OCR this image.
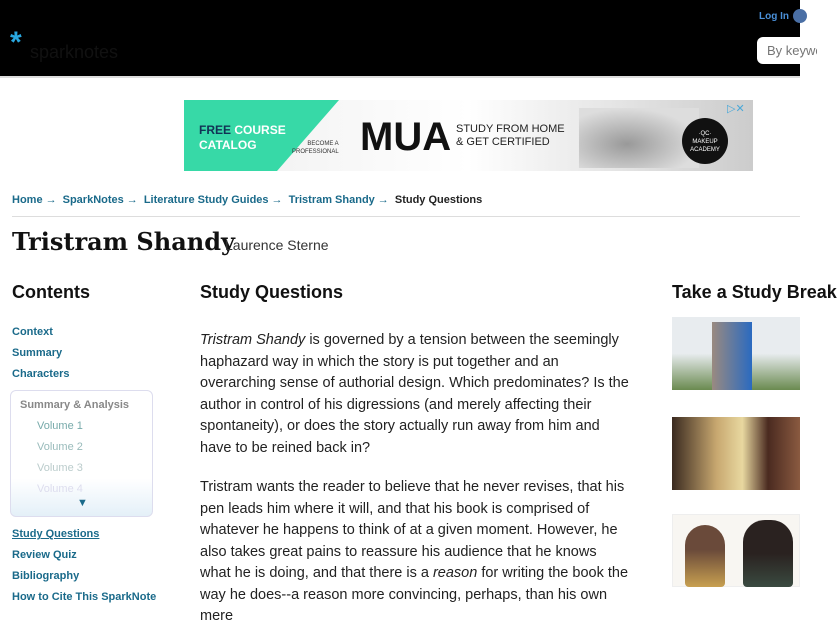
* sparknotes
Log In
By keyword
FREE COURSE
CATALOG	BECOME A
PROFESSIONAL MUA STUDY FROM HOME
& GET CERTIFIED
·QC·
MAKEUP
ACADEMY
▷✕
Home → SparkNotes → Literature Study Guides → Tristram Shandy → Study Questions
Tristram Shandy
Laurence Sterne
Contents
Context
Summary
Characters
Study Questions
Review Quiz
Bibliography
How to Cite This SparkNote
Summary & Analysis
Volume 1
Volume 2
Volume 3
Volume 4
▼
Study Questions

Tristram Shandy is governed by a tension between the seemingly haphazard way in which the story is put together and an overarching sense of authorial design. Which predominates? Is the author in control of his digressions (and merely affecting their spontaneity), or does the story actually run away from him and have to be reined back in?

Tristram wants the reader to believe that he never revises, that his pen leads him where it will, and that his book is comprised of whatever he happens to think of at a given moment. However, he also takes great pains to reassure his audience that he knows what he is doing, and that there is a reason for writing the book the way he does--a reason more convincing, perhaps, than his own mere

Take a Study Break
